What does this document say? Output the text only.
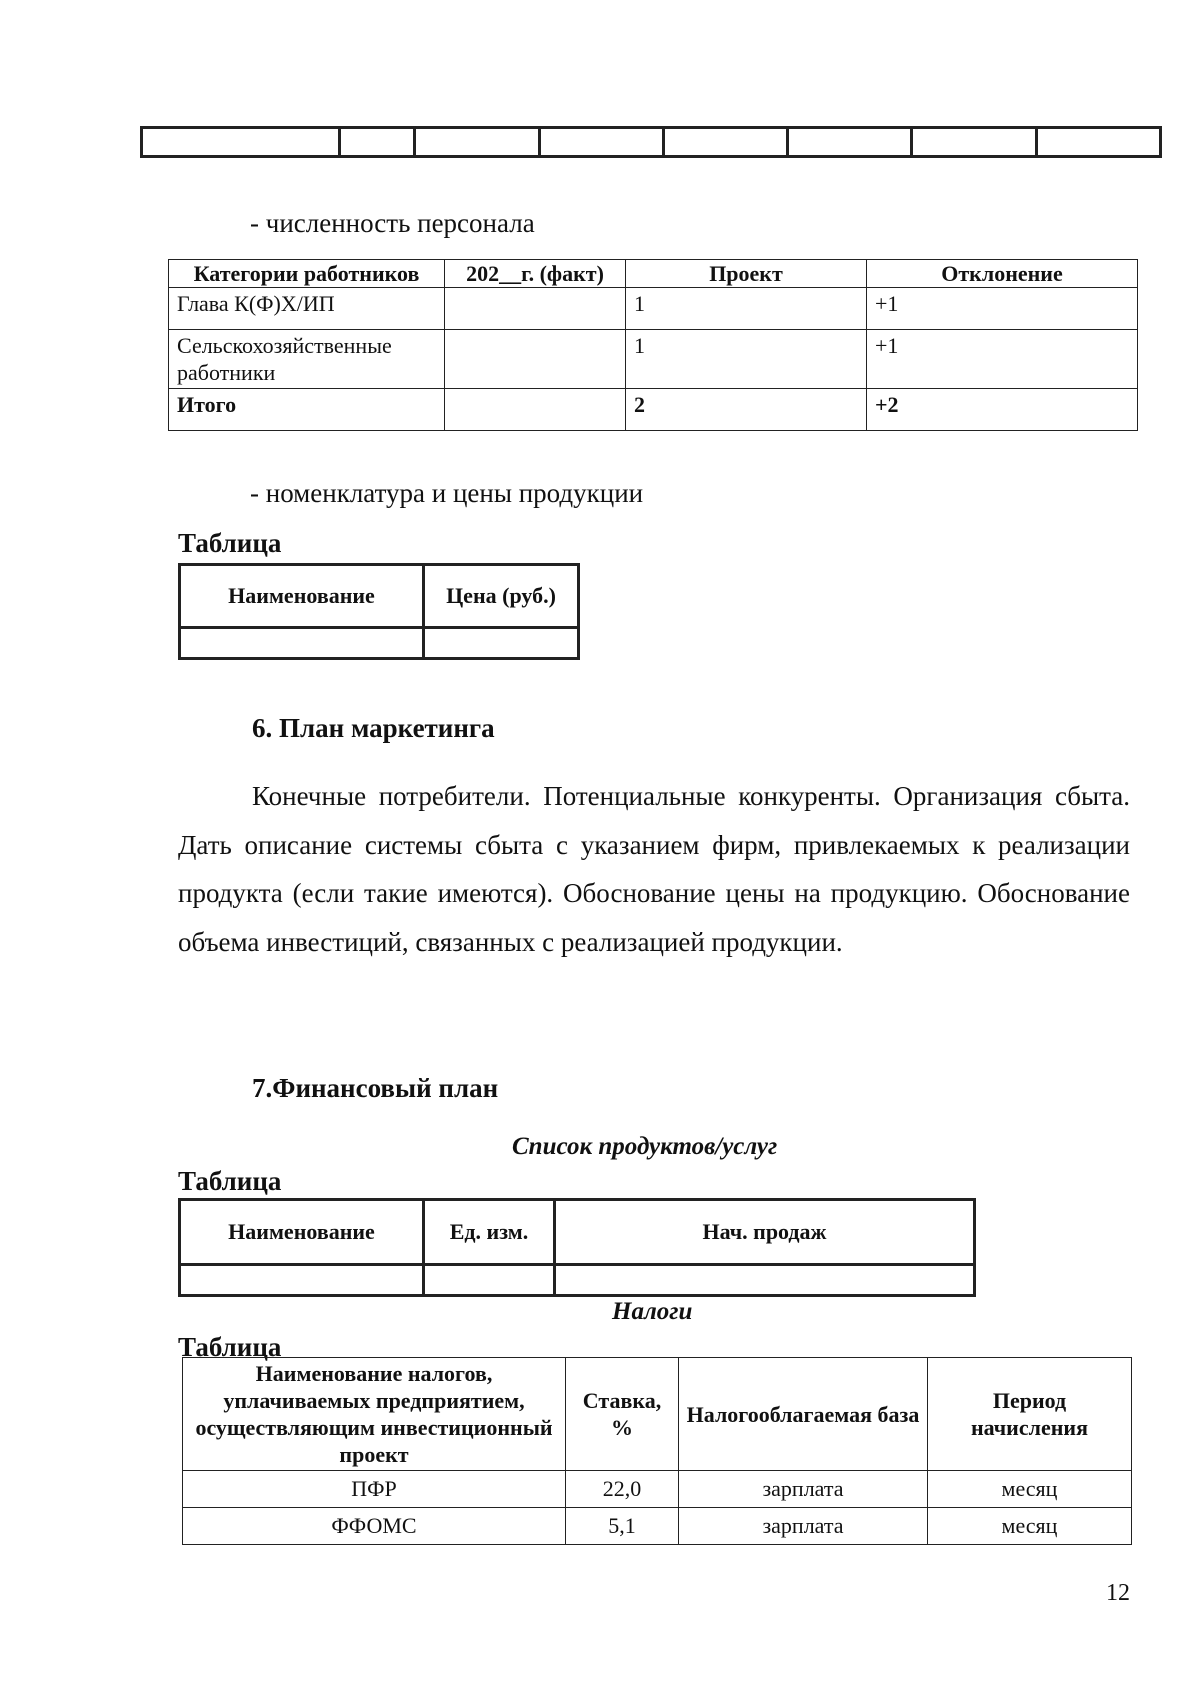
- численность персонала
Категории работников	202__г. (факт)	Проект	Отклонение
Глава К(Ф)Х/ИП		1	+1
Сельскохозяйственные работники		1	+1
Итого		2	+2
- номенклатура и цены продукции
Таблица
Наименование	Цена (руб.)

6. План маркетинга

Конечные потребители. Потенциальные конкуренты. Организация сбыта. Дать описание системы сбыта с указанием фирм, привлекаемых к реализации продукта (если такие имеются). Обоснование цены на продукцию. Обоснование объема инвестиций, связанных с реализацией продукции.

7.Финансовый план
Список продуктов/услуг
Таблица
Наименование	Ед. изм.	Нач. продаж

Налоги
Таблица
Наименование налогов, уплачиваемых предприятием, осуществляющим инвестиционный проект	Ставка, %	Налогооблагаемая база	Период начисления
ПФР	22,0	зарплата	месяц
ФФОМС	5,1	зарплата	месяц
12
